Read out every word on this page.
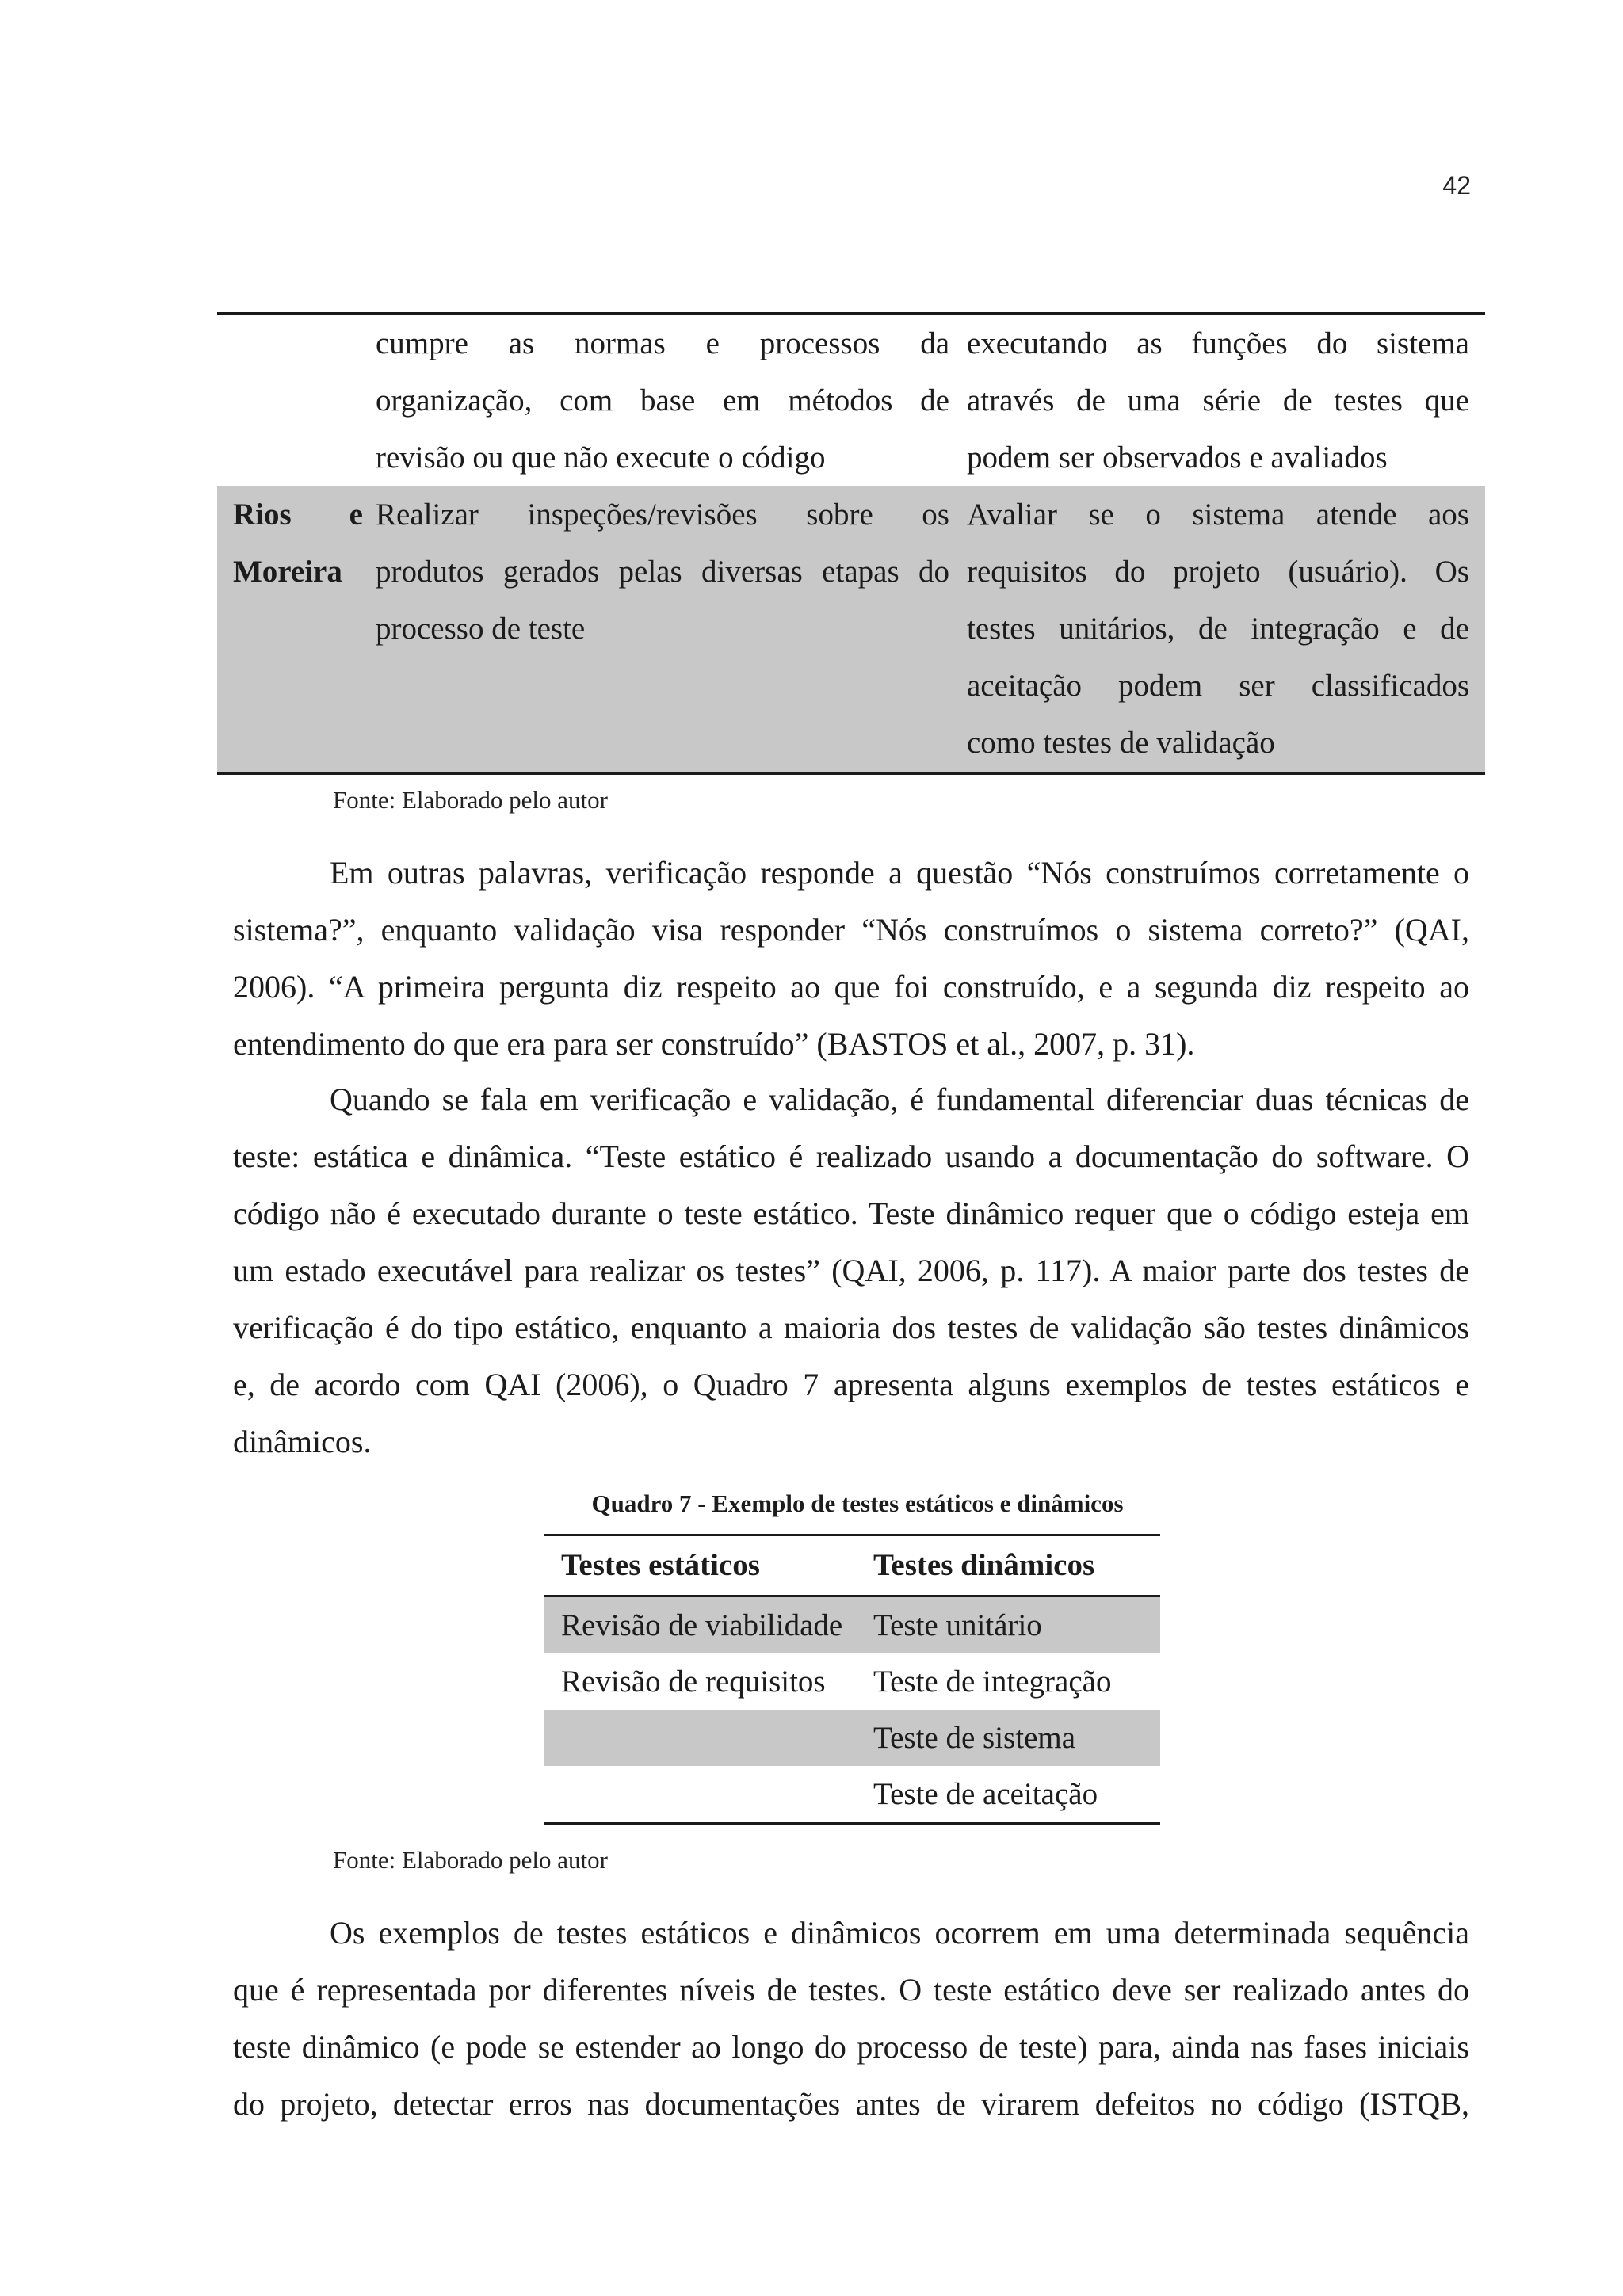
42
cumpre as normas e processos da
organização, com base em métodos de
revisão ou que não execute o código
executando as funções do sistema
através de uma série de testes que
podem ser observados e avaliados
Rios e
Moreira
Realizar inspeções/revisões sobre os
produtos gerados pelas diversas etapas do
processo de teste
Avaliar se o sistema atende aos
requisitos do projeto (usuário). Os
testes unitários, de integração e de
aceitação podem ser classificados
como testes de validação
Fonte: Elaborado pelo autor
Em outras palavras, verificação responde a questão “Nós construímos corretamente o
sistema?”, enquanto validação visa responder “Nós construímos o sistema correto?” (QAI,
2006). “A primeira pergunta diz respeito ao que foi construído, e a segunda diz respeito ao
entendimento do que era para ser construído” (BASTOS et al., 2007, p. 31).
Quando se fala em verificação e validação, é fundamental diferenciar duas técnicas de
teste: estática e dinâmica. “Teste estático é realizado usando a documentação do software. O
código não é executado durante o teste estático. Teste dinâmico requer que o código esteja em
um estado executável para realizar os testes” (QAI, 2006, p. 117). A maior parte dos testes de
verificação é do tipo estático, enquanto a maioria dos testes de validação são testes dinâmicos
e, de acordo com QAI (2006), o Quadro 7 apresenta alguns exemplos de testes estáticos e
dinâmicos.
Quadro 7 - Exemplo de testes estáticos e dinâmicos
Testes estáticos	Testes dinâmicos
Revisão de viabilidade Teste unitário
Revisão de requisitos	Teste de integração
Teste de sistema
Teste de aceitação
Fonte: Elaborado pelo autor
Os exemplos de testes estáticos e dinâmicos ocorrem em uma determinada sequência
que é representada por diferentes níveis de testes. O teste estático deve ser realizado antes do
teste dinâmico (e pode se estender ao longo do processo de teste) para, ainda nas fases iniciais
do projeto, detectar erros nas documentações antes de virarem defeitos no código (ISTQB,
